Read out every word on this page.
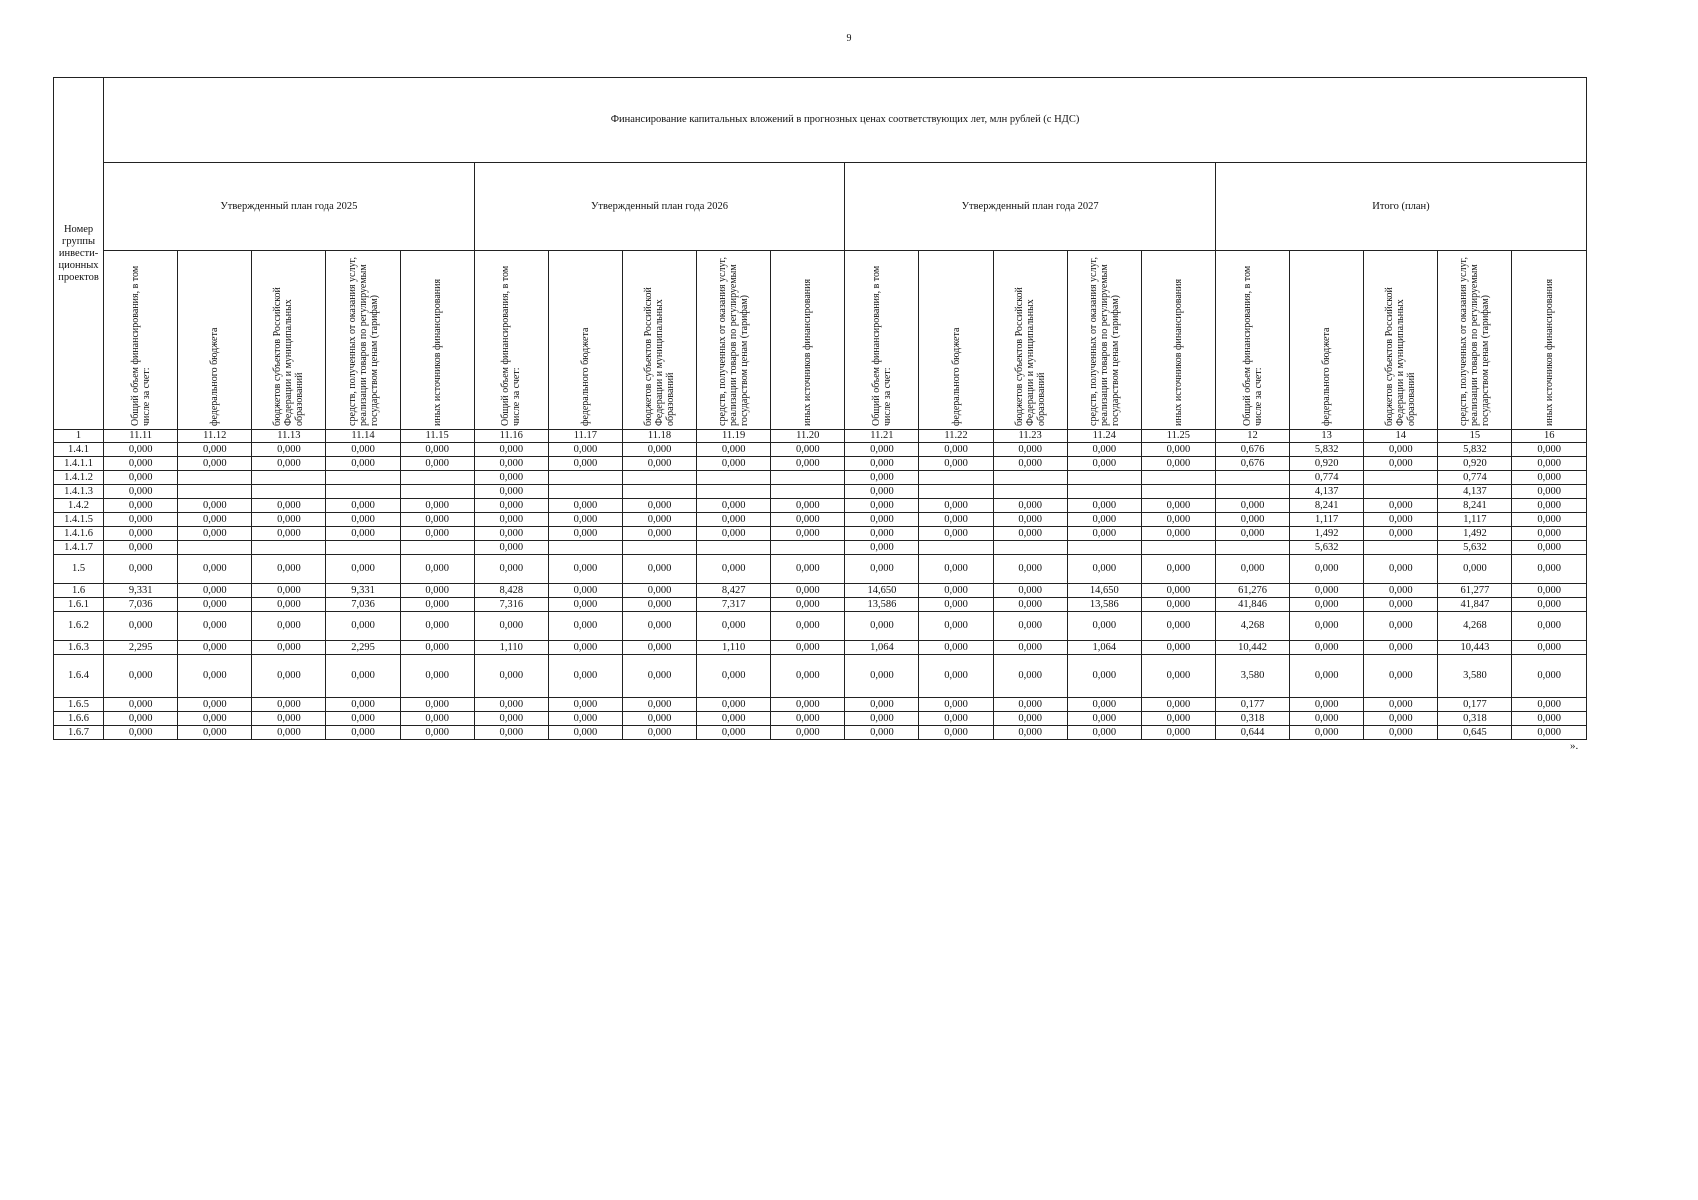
9
Номер группы инвести-ционных проектов	Финансирование капитальных вложений в прогнозных ценах соответствующих лет, млн рублей (с НДС)																			
	Утвержденный план года 2025					Утвержденный план года 2026					Утвержденный план года 2027					Итого (план)				

	Общий объем финансирования, в том числе за счет:	федерального бюджета	бюджетов субъектов Российской Федерации и муниципальных образований	средств, полученных от оказания услуг, реализации товаров по регулируемым государством ценам (тарифам)	иных источников финансирования	Общий объем финансирования, в том числе за счет:	федерального бюджета	бюджетов субъектов Российской Федерации и муниципальных образований	средств, полученных от оказания услуг, реализации товаров по регулируемым государством ценам (тарифам)	иных источников финансирования	Общий объем финансирования, в том числе за счет:	федерального бюджета	бюджетов субъектов Российской Федерации и муниципальных образований	средств, полученных от оказания услуг, реализации товаров по регулируемым государством ценам (тарифам)	иных источников финансирования	Общий объем финансирования, в том числе за счет:	федерального бюджета	бюджетов субъектов Российской Федерации и муниципальных образований	средств, полученных от оказания услуг, реализации товаров по регулируемым государством ценам (тарифам)	иных источников финансирования

1	11.11	11.12	11.13	11.14	11.15	11.16	11.17	11.18	11.19	11.20	11.21	11.22	11.23	11.24	11.25	12	13	14	15	16
1.4.1	0,000	0,000	0,000	0,000	0,000	0,000	0,000	0,000	0,000	0,000	0,000	0,000	0,000	0,000	0,000	0,676	5,832	0,000	5,832	0,000
1.4.1.1	0,000	0,000	0,000	0,000	0,000	0,000	0,000	0,000	0,000	0,000	0,000	0,000	0,000	0,000	0,000	0,676	0,920	0,000	0,920	0,000
1.4.1.2	0,000					0,000					0,000						0,774		0,774	0,000
1.4.1.3	0,000					0,000					0,000						4,137		4,137	0,000
1.4.2	0,000	0,000	0,000	0,000	0,000	0,000	0,000	0,000	0,000	0,000	0,000	0,000	0,000	0,000	0,000	0,000	8,241	0,000	8,241	0,000
1.4.1.5	0,000	0,000	0,000	0,000	0,000	0,000	0,000	0,000	0,000	0,000	0,000	0,000	0,000	0,000	0,000	0,000	1,117	0,000	1,117	0,000
1.4.1.6	0,000	0,000	0,000	0,000	0,000	0,000	0,000	0,000	0,000	0,000	0,000	0,000	0,000	0,000	0,000	0,000	1,492	0,000	1,492	0,000
1.4.1.7	0,000					0,000					0,000						5,632		5,632	0,000
1.5	0,000	0,000	0,000	0,000	0,000	0,000	0,000	0,000	0,000	0,000	0,000	0,000	0,000	0,000	0,000	0,000	0,000	0,000	0,000	0,000
1.6	9,331	0,000	0,000	9,331	0,000	8,428	0,000	0,000	8,427	0,000	14,650	0,000	0,000	14,650	0,000	61,276	0,000	0,000	61,277	0,000
1.6.1	7,036	0,000	0,000	7,036	0,000	7,316	0,000	0,000	7,317	0,000	13,586	0,000	0,000	13,586	0,000	41,846	0,000	0,000	41,847	0,000
1.6.2	0,000	0,000	0,000	0,000	0,000	0,000	0,000	0,000	0,000	0,000	0,000	0,000	0,000	0,000	0,000	4,268	0,000	0,000	4,268	0,000
1.6.3	2,295	0,000	0,000	2,295	0,000	1,110	0,000	0,000	1,110	0,000	1,064	0,000	0,000	1,064	0,000	10,442	0,000	0,000	10,443	0,000
1.6.4	0,000	0,000	0,000	0,000	0,000	0,000	0,000	0,000	0,000	0,000	0,000	0,000	0,000	0,000	0,000	3,580	0,000	0,000	3,580	0,000
1.6.5	0,000	0,000	0,000	0,000	0,000	0,000	0,000	0,000	0,000	0,000	0,000	0,000	0,000	0,000	0,000	0,177	0,000	0,000	0,177	0,000
1.6.6	0,000	0,000	0,000	0,000	0,000	0,000	0,000	0,000	0,000	0,000	0,000	0,000	0,000	0,000	0,000	0,318	0,000	0,000	0,318	0,000
1.6.7	0,000	0,000	0,000	0,000	0,000	0,000	0,000	0,000	0,000	0,000	0,000	0,000	0,000	0,000	0,000	0,644	0,000	0,000	0,645	0,000
».
